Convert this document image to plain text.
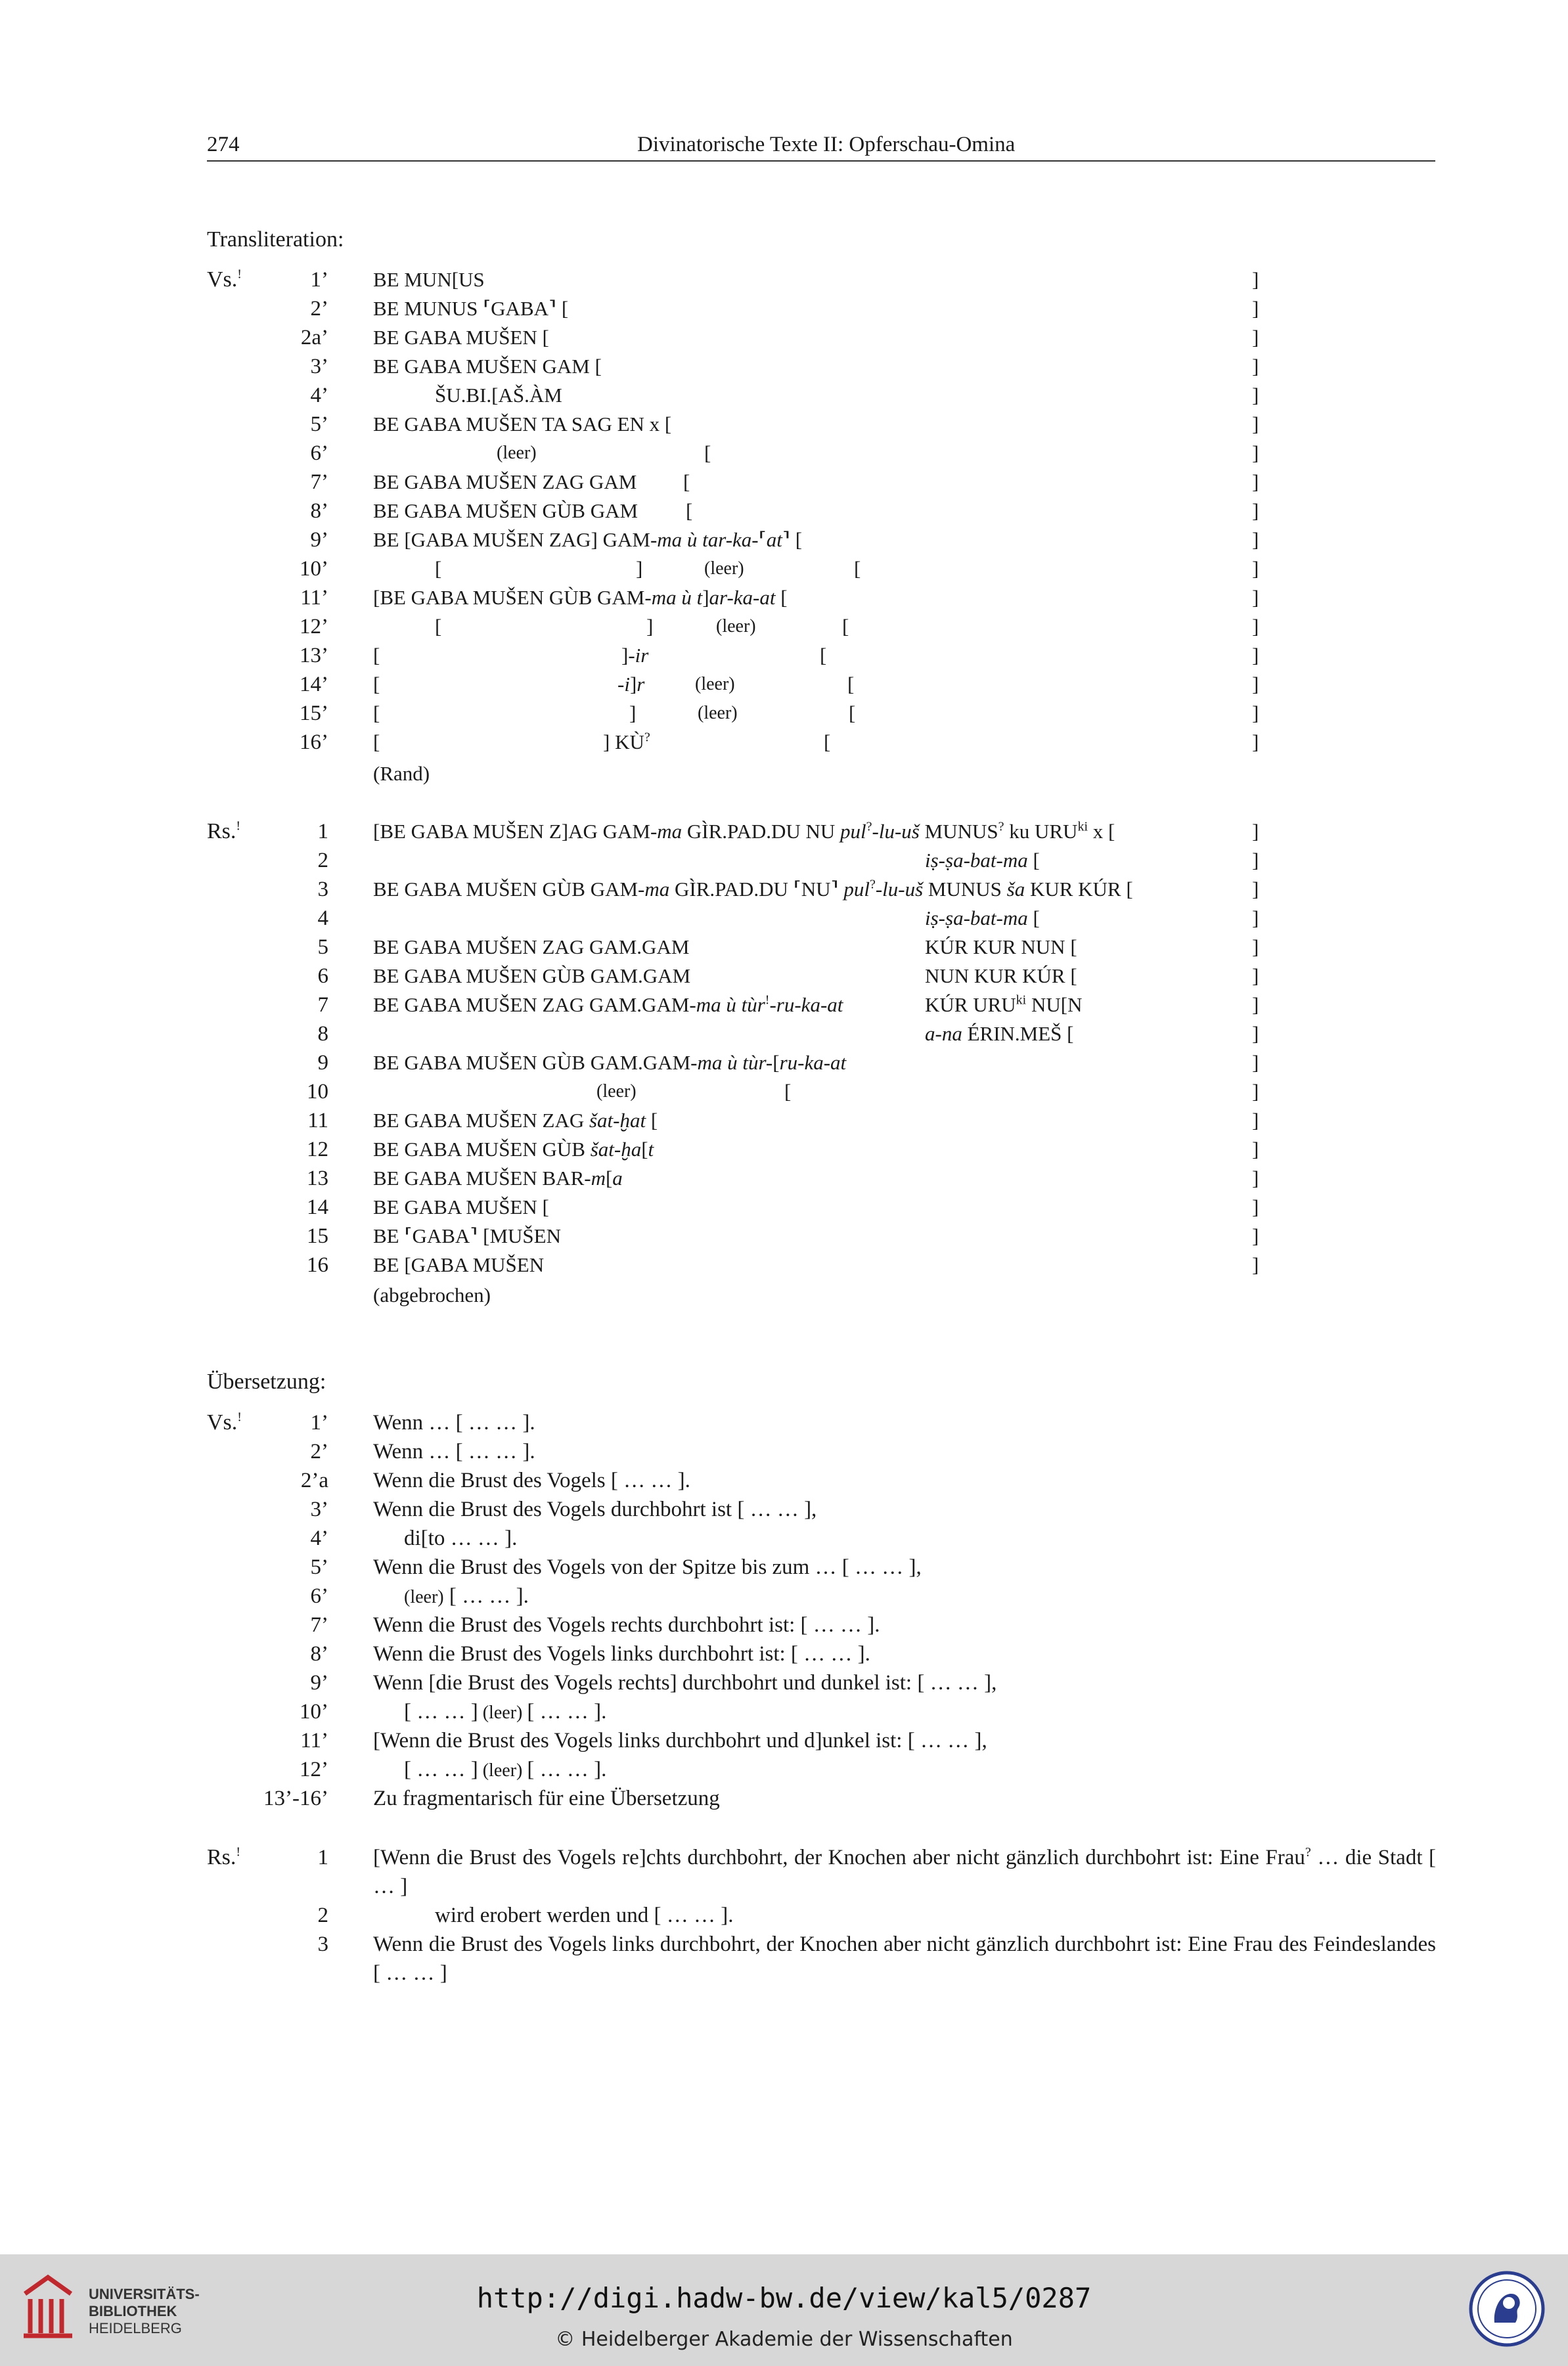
274	Divinatorische Texte II: Opferschau-Omina
Transliteration:
Vs.!	1’ BE MUN[US	]
2’ BE MUNUS ⸢GABA⸣ [	]
2a’ BE GABA MUŠEN [	]
3’ BE GABA MUŠEN GAM [	]
4’	ŠU.BI.[AŠ.ÀM	]
5’ BE GABA MUŠEN TA SAG EN x [	]
6’	(leer)	[	]
7’ BE GABA MUŠEN ZAG GAM [	]
8’ BE GABA MUŠEN GÙB GAM [	]
9’ BE [GABA MUŠEN ZAG] GAM-ma ù tar-ka-⸢at⸣ [	]
10’	[	]	(leer)	[	]
11’ [BE GABA MUŠEN GÙB GAM-ma ù t]ar-ka-at [	]
12’	[	]	(leer)	[	]
13’ [	]-ir	[	]
14’ [	-i]r	(leer)	[	]
15’ [	]	(leer)	[	]
16’ [	] KÙ?	[	]
(Rand)
Rs.!	1 [BE GABA MUŠEN Z]AG GAM-ma GÌR.PAD.DU NU pul?-lu-uš MUNUS? ku $URU^{ki}$ x [	]
2	iṣ-ṣa-bat-ma [	]
3 BE GABA MUŠEN GÙB GAM-ma GÌR.PAD.DU ⸢NU⸣ pul?-lu-uš MUNUS ša KUR KÚR [	]
4	iṣ-ṣa-bat-ma [	]
5 BE GABA MUŠEN ZAG GAM.GAM	KÚR KUR NUN [	]
6 BE GABA MUŠEN GÙB GAM.GAM	NUN KUR KÚR [	]
7 BE GABA MUŠEN ZAG GAM.GAM-ma ù tùr!-ru-ka-at	KÚR $URU^{ki}$ NU[N	]
8	a-na ÉRIN.MEŠ [	]
9 BE GABA MUŠEN GÙB GAM.GAM-ma ù tùr-[ru-ka-at	]
10	(leer)	[	]
11 BE GABA MUŠEN ZAG šat-ḫat [	]
12 BE GABA MUŠEN GÙB šat-ḫa[t	]
13 BE GABA MUŠEN BAR-m[a	]
14 BE GABA MUŠEN [	]
15 BE ⸢GABA⸣ [MUŠEN	]
16 BE [GABA MUŠEN	]
(abgebrochen)
Übersetzung:
Vs.!	1’ Wenn … [ … … ].
2’ Wenn … [ … … ].
2’a Wenn die Brust des Vogels [ … … ].
3’ Wenn die Brust des Vogels durchbohrt ist [ … … ],
4’	di[to … … ].
5’ Wenn die Brust des Vogels von der Spitze bis zum … [ … … ],
6’	(leer) [ … … ].
7’ Wenn die Brust des Vogels rechts durchbohrt ist: [ … … ].
8’ Wenn die Brust des Vogels links durchbohrt ist: [ … … ].
9’ Wenn [die Brust des Vogels rechts] durchbohrt und dunkel ist: [ … … ],
10’	[ … … ] (leer) [ … … ].
11’ [Wenn die Brust des Vogels links durchbohrt und d]unkel ist: [ … … ],
12’	[ … … ] (leer) [ … … ].
13’-16’ Zu fragmentarisch für eine Übersetzung
Rs.!	1 [Wenn die Brust des Vogels re]chts durchbohrt, der Knochen aber nicht gänzlich durchbohrt ist: Eine Frau? … die Stadt [ … ]
2	wird erobert werden und [ … … ].
3 Wenn die Brust des Vogels links durchbohrt, der Knochen aber nicht gänzlich durchbohrt ist: Eine Frau des Feindeslandes [ … … ]
UNIVERSITÄTS-
BIBLIOTHEK
HEIDELBERG
http://digi.hadw-bw.de/view/kal5/0287
© Heidelberger Akademie der Wissenschaften
